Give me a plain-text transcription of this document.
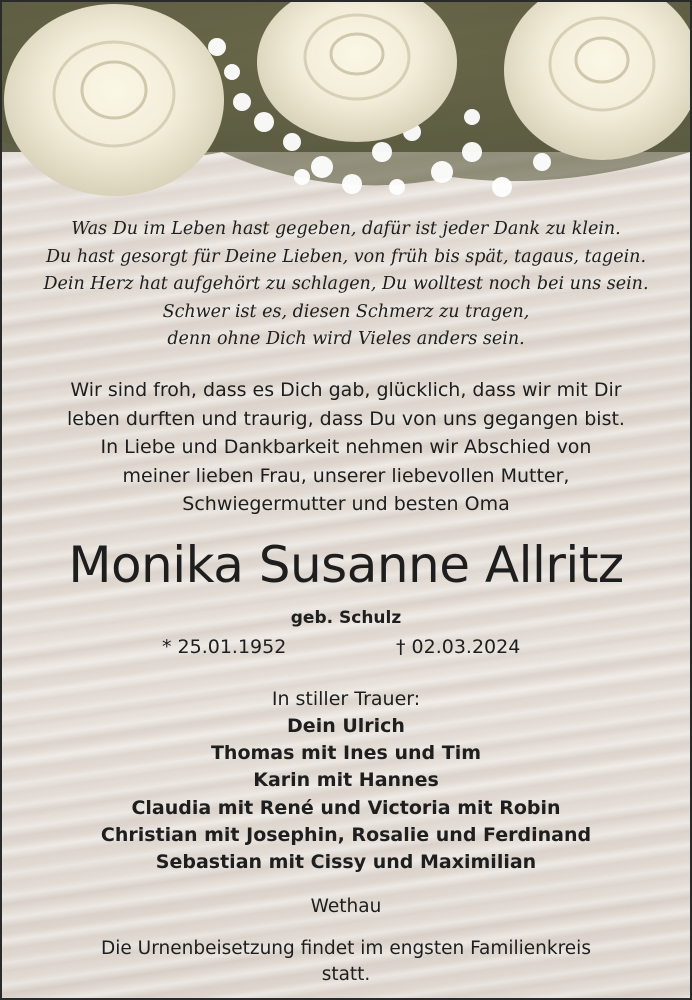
Was Du im Leben hast gegeben, dafür ist jeder Dank zu klein.
Du hast gesorgt für Deine Lieben, von früh bis spät, tagaus, tagein.
Dein Herz hat aufgehört zu schlagen, Du wolltest noch bei uns sein.
Schwer ist es, diesen Schmerz zu tragen,
denn ohne Dich wird Vieles anders sein.
Wir sind froh, dass es Dich gab, glücklich, dass wir mit Dir
leben durften und traurig, dass Du von uns gegangen bist.
In Liebe und Dankbarkeit nehmen wir Abschied von
meiner lieben Frau, unserer liebevollen Mutter,
Schwiegermutter und besten Oma
Monika Susanne Allritz
geb. Schulz
* 25.01.1952	† 02.03.2024
In stiller Trauer:
Dein Ulrich
Thomas mit Ines und Tim
Karin mit Hannes
Claudia mit René und Victoria mit Robin
Christian mit Josephin, Rosalie und Ferdinand
Sebastian mit Cissy und Maximilian
Wethau
Die Urnenbeisetzung findet im engsten Familienkreis
statt.
